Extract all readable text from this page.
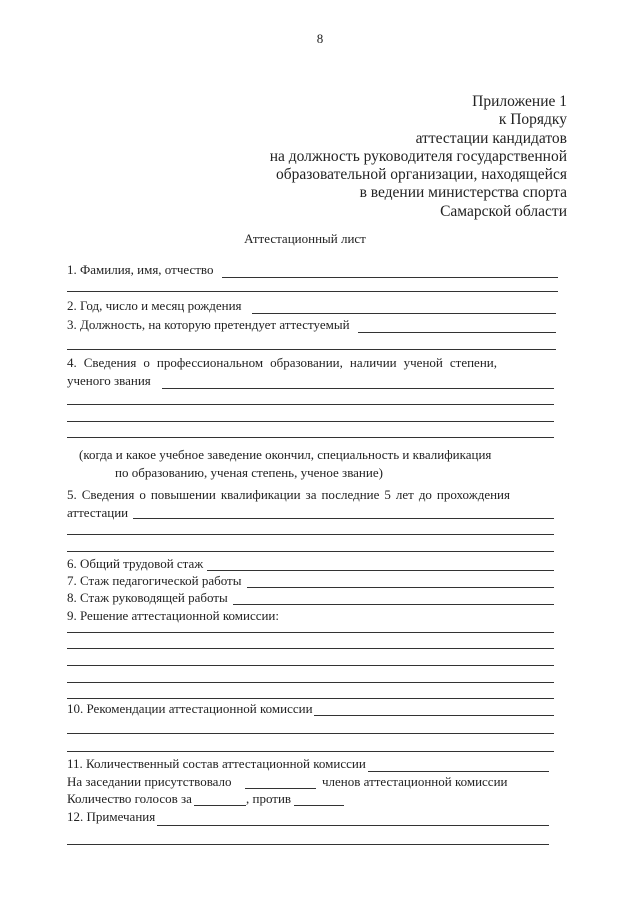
8
Приложение 1
к Порядку
аттестации кандидатов
на должность руководителя государственной
образовательной организации, находящейся
в ведении министерства спорта
Самарской области
Аттестационный лист
1. Фамилия, имя, отчество
2. Год, число и месяц рождения
3. Должность, на которую претендует аттестуемый
4. Сведения о профессиональном образовании, наличии ученой степени,
ученого звания
(когда и какое учебное заведение окончил, специальность и квалификация
по образованию, ученая степень, ученое звание)
5. Сведения о повышении квалификации за последние 5 лет до прохождения
аттестации
6. Общий трудовой стаж
7. Стаж педагогической работы
8. Стаж руководящей работы
9. Решение аттестационной комиссии:
10. Рекомендации аттестационной комиссии
11. Количественный состав аттестационной комиссии
На заседании присутствовало	членов аттестационной комиссии
Количество голосов за	, против
12. Примечания
